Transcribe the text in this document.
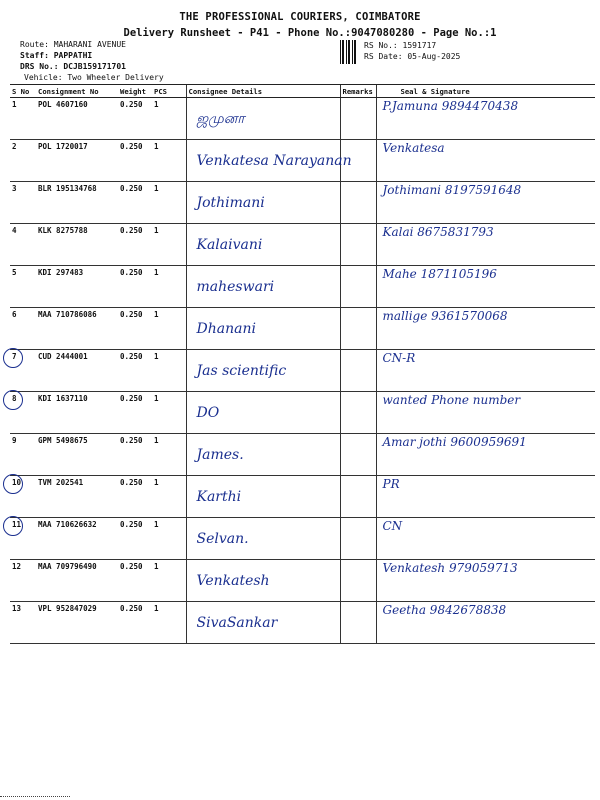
THE PROFESSIONAL COURIERS, COIMBATORE
Delivery Runsheet - P41 - Phone No.:9047080280 - Page No.:1
Route: MAHARANI AVENUE
Staff: PAPPATHI
DRS No.: DCJB159171701
Vehicle: Two Wheeler Delivery
RS No.: 1591717
RS Date: 05-Aug-2025
S No	Consignment No	Weight	PCS	Consignee Details	Remarks	Seal & Signature
1	POL 4607160	0.250	1	ஜமுனா		P.Jamuna 9894470438

2	POL 1720017	0.250	1	Venkatesa Narayanan		Venkatesa

3	BLR 195134768	0.250	1	Jothimani		Jothimani 8197591648

4	KLK 8275788	0.250	1	Kalaivani		Kalai 8675831793

5	KDI 297483	0.250	1	maheswari		Mahe 1871105196

6	MAA 710786086	0.250	1	Dhanani		mallige 9361570068

7	CUD 2444001	0.250	1	Jas scientific		CN-R

8	KDI 1637110	0.250	1	DO		wanted Phone number

9	GPM 5498675	0.250	1	James.		Amar jothi 9600959691

10	TVM 202541	0.250	1	Karthi		PR

11	MAA 710626632	0.250	1	Selvan.		CN

12	MAA 709796490	0.250	1	Venkatesh		Venkatesh 979059713

13	VPL 952847029	0.250	1	SivaSankar		Geetha 9842678838
